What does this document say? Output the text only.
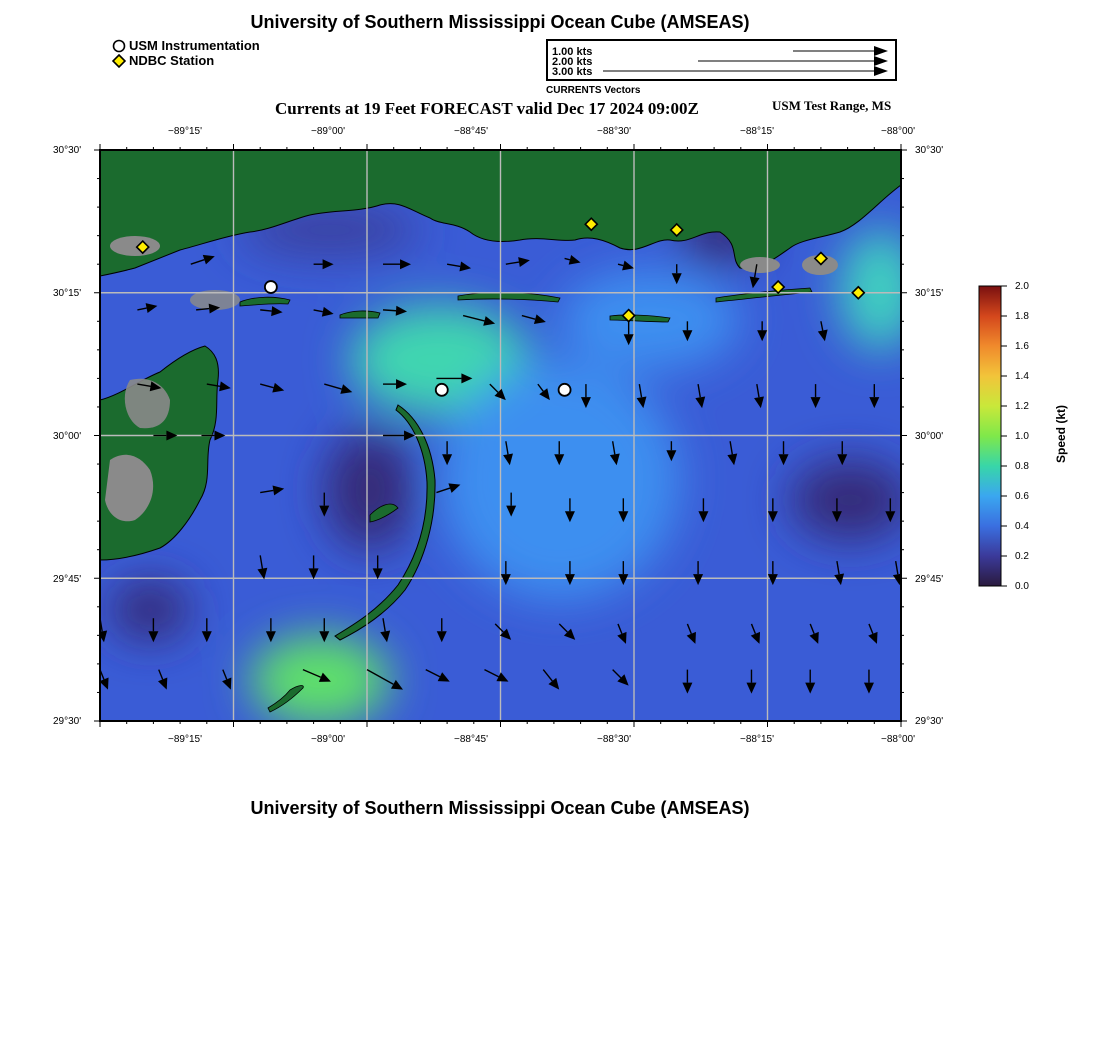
University of Southern Mississippi Ocean Cube (AMSEAS)
USM Instrumentation
NDBC Station
1.00 kts
2.00 kts
3.00 kts
CURRENTS Vectors
Currents at 19 Feet FORECAST valid Dec 17 2024 09:00Z	USM Test Range, MS
−89°15'	−89°00'	−88°45'	−88°30'	−88°15'	−88°00'
−89°15'	−89°00'	−88°45'	−88°30'	−88°15'	−88°00'
30°30'
30°15'
30°00'
29°45'
29°30'
30°30'
30°15'
30°00'
29°45'
29°30'
2.0
1.8
1.6
1.4
1.2
1.0
0.8
0.6
0.4
0.2
0.0
Speed (kt)
University of Southern Mississippi Ocean Cube (AMSEAS)
